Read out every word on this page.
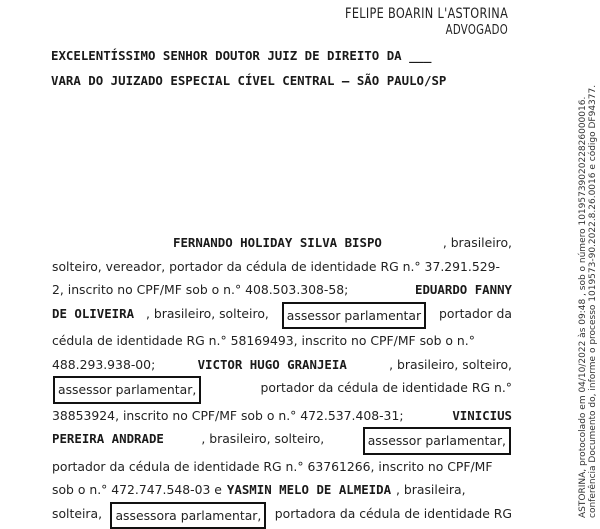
FELIPE BOARIN L'ASTORINA
ADVOGADO
EXCELENTÍSSIMO SENHOR DOUTOR JUIZ DE DIREITO DA ___
VARA DO JUIZADO ESPECIAL CÍVEL CENTRAL – SÃO PAULO/SP
FERNANDO HOLIDAY SILVA BISPO	, brasileiro,
solteiro, vereador, portador da cédula de identidade RG n.° 37.291.529-
2, inscrito no CPF/MF sob o n.° 408.503.308-58;	EDUARDO FANNY
DE OLIVEIRA , brasileiro, solteiro,	assessor parlamentar	portador da
cédula de identidade RG n.° 58169493, inscrito no CPF/MF sob o n.°
488.293.938-00;	VICTOR HUGO GRANJEIA	, brasileiro, solteiro,
assessor parlamentar,	portador da cédula de identidade RG n.°
38853924, inscrito no CPF/MF sob o n.° 472.537.408-31;	VINICIUS
PEREIRA ANDRADE	, brasileiro, solteiro,	assessor parlamentar,
portador da cédula de identidade RG n.° 63761266, inscrito no CPF/MF
sob o n.° 472.747.548-03 e YASMIN MELO DE ALMEIDA , brasileira,
solteira,	assessora parlamentar,	portadora da cédula de identidade RG	ASTORINA, protocolado em 04/10/2022 às 09:48 , sob o número 1019573902022826000016. conferência Documento do, informe o processo 1019573-90.2022.8.26.0016 e código DF94377.
